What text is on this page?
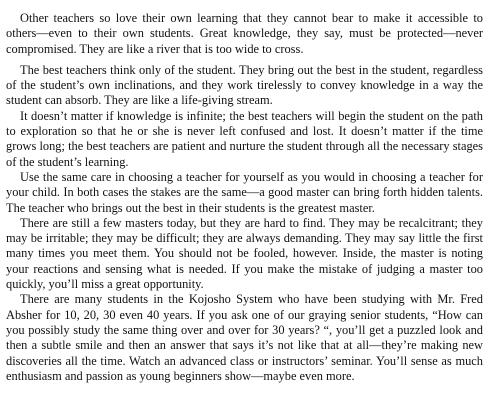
Other teachers so love their own learning that they cannot bear to make it accessible to others—even to their own students. Great knowledge, they say, must be protected—never compromised. They are like a river that is too wide to cross.

The best teachers think only of the student. They bring out the best in the student, regardless of the student’s own inclinations, and they work tirelessly to convey knowledge in a way the student can absorb. They are like a life-giving stream.

It doesn’t matter if knowledge is infinite; the best teachers will begin the student on the path to exploration so that he or she is never left confused and lost. It doesn’t matter if the time grows long; the best teachers are patient and nurture the student through all the necessary stages of the student’s learning.

Use the same care in choosing a teacher for yourself as you would in choosing a teacher for your child. In both cases the stakes are the same—a good master can bring forth hidden talents. The teacher who brings out the best in their students is the greatest master.

There are still a few masters today, but they are hard to find. They may be recalcitrant; they may be irritable; they may be difficult; they are always demanding. They may say little the first many times you meet them. You should not be fooled, however. Inside, the master is noting your reactions and sensing what is needed. If you make the mistake of judging a master too quickly, you’ll miss a great opportunity.

There are many students in the Kojosho System who have been studying with Mr. Fred Absher for 10, 20, 30 even 40 years. If you ask one of our graying senior students, “How can you possibly study the same thing over and over for 30 years? “, you’ll get a puzzled look and then a subtle smile and then an answer that says it’s not like that at all—they’re making new discoveries all the time. Watch an advanced class or instructors’ seminar. You’ll sense as much enthusiasm and passion as young beginners show—maybe even more.
